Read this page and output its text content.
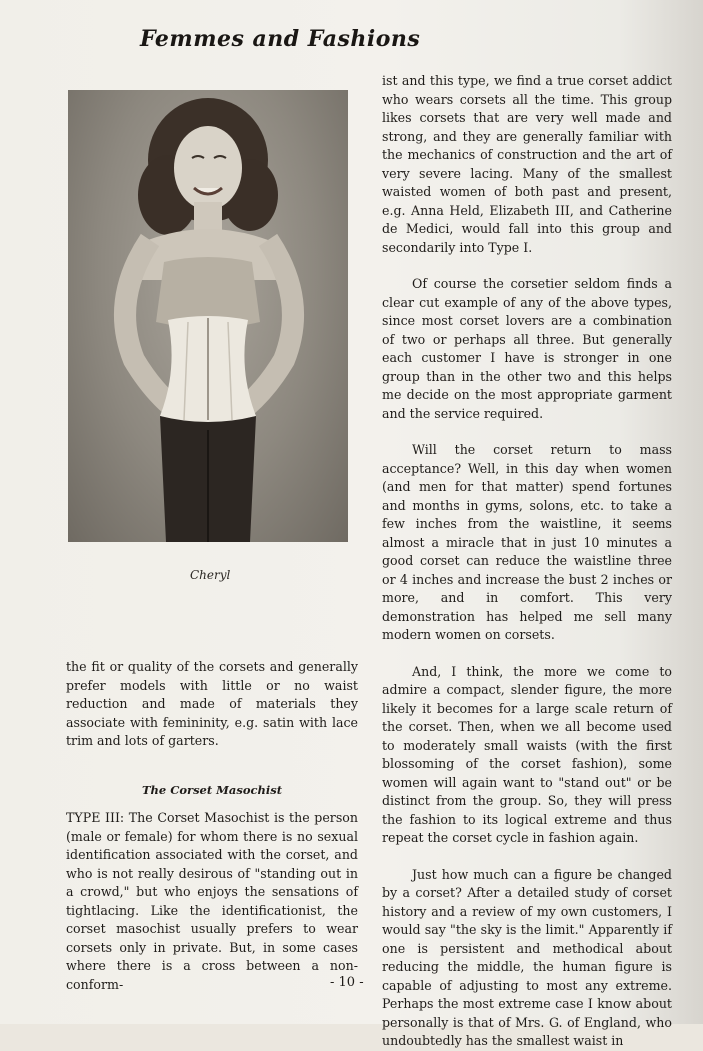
Femmes and Fashions
Cheryl

the fit or quality of the corsets and generally prefer models with little or no waist reduction and made of materials they associate with femininity, e.g. satin with lace trim and lots of garters.

The Corset Masochist

TYPE III: The Corset Masochist is the person (male or female) for whom there is no sexual identification associated with the corset, and who is not really desirous of "standing out in a crowd," but who enjoys the sensations of tightlacing. Like the identificationist, the corset masochist usually prefers to wear corsets only in private. But, in some cases where there is a cross between a non-conform-

ist and this type, we find a true corset addict who wears corsets all the time. This group likes corsets that are very well made and strong, and they are generally familiar with the mechanics of construction and the art of very severe lacing. Many of the smallest waisted women of both past and present, e.g. Anna Held, Elizabeth III, and Catherine de Medici, would fall into this group and secondarily into Type I.

Of course the corsetier seldom finds a clear cut example of any of the above types, since most corset lovers are a combination of two or perhaps all three. But generally each customer I have is stronger in one group than in the other two and this helps me decide on the most appropriate garment and the service required.

Will the corset return to mass acceptance? Well, in this day when women (and men for that matter) spend fortunes and months in gyms, solons, etc. to take a few inches from the waistline, it seems almost a miracle that in just 10 minutes a good corset can reduce the waistline three or 4 inches and increase the bust 2 inches or more, and in comfort. This very demonstration has helped me sell many modern women on corsets.

And, I think, the more we come to admire a compact, slender figure, the more likely it becomes for a large scale return of the corset. Then, when we all become used to moderately small waists (with the first blossoming of the corset fashion), some women will again want to "stand out" or be distinct from the group. So, they will press the fashion to its logical extreme and thus repeat the corset cycle in fashion again.

Just how much can a figure be changed by a corset? After a detailed study of corset history and a review of my own customers, I would say "the sky is the limit." Apparently if one is persistent and methodical about reducing the middle, the human figure is capable of adjusting to most any extreme. Perhaps the most extreme case I know about personally is that of Mrs. G. of England, who undoubtedly has the smallest waist in

- 10 -
